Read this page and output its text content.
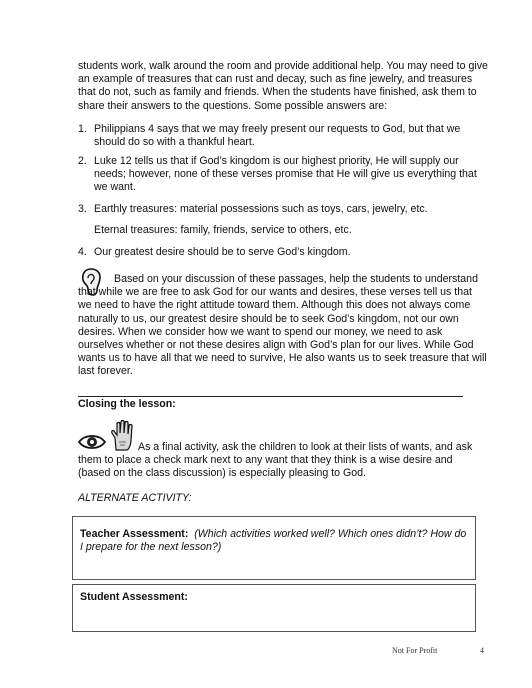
students work, walk around the room and provide additional help. You may need to give an example of treasures that can rust and decay, such as fine jewelry, and treasures that do not, such as family and friends. When the students have finished, ask them to share their answers to the questions. Some possible answers are:
1. Philippians 4 says that we may freely present our requests to God, but that we should do so with a thankful heart.
2. Luke 12 tells us that if God’s kingdom is our highest priority, He will supply our needs; however, none of these verses promise that He will give us everything that we want.
3. Earthly treasures: material possessions such as toys, cars, jewelry, etc.
Eternal treasures: family, friends, service to others, etc.
4. Our greatest desire should be to serve God’s kingdom.
Based on your discussion of these passages, help the students to understand that while we are free to ask God for our wants and desires, these verses tell us that we need to have the right attitude toward them. Although this does not always come naturally to us, our greatest desire should be to seek God’s kingdom, not our own desires. When we consider how we want to spend our money, we need to ask ourselves whether or not these desires align with God’s plan for our lives. While God wants us to have all that we need to survive, He also wants us to seek treasure that will last forever.
Closing the lesson:
As a final activity, ask the children to look at their lists of wants, and ask them to place a check mark next to any want that they think is a wise desire and (based on the class discussion) is especially pleasing to God.
ALTERNATE ACTIVITY:
Teacher Assessment: (Which activities worked well? Which ones didn’t? How do I prepare for the next lesson?)
Student Assessment:
Not For Profit	4
